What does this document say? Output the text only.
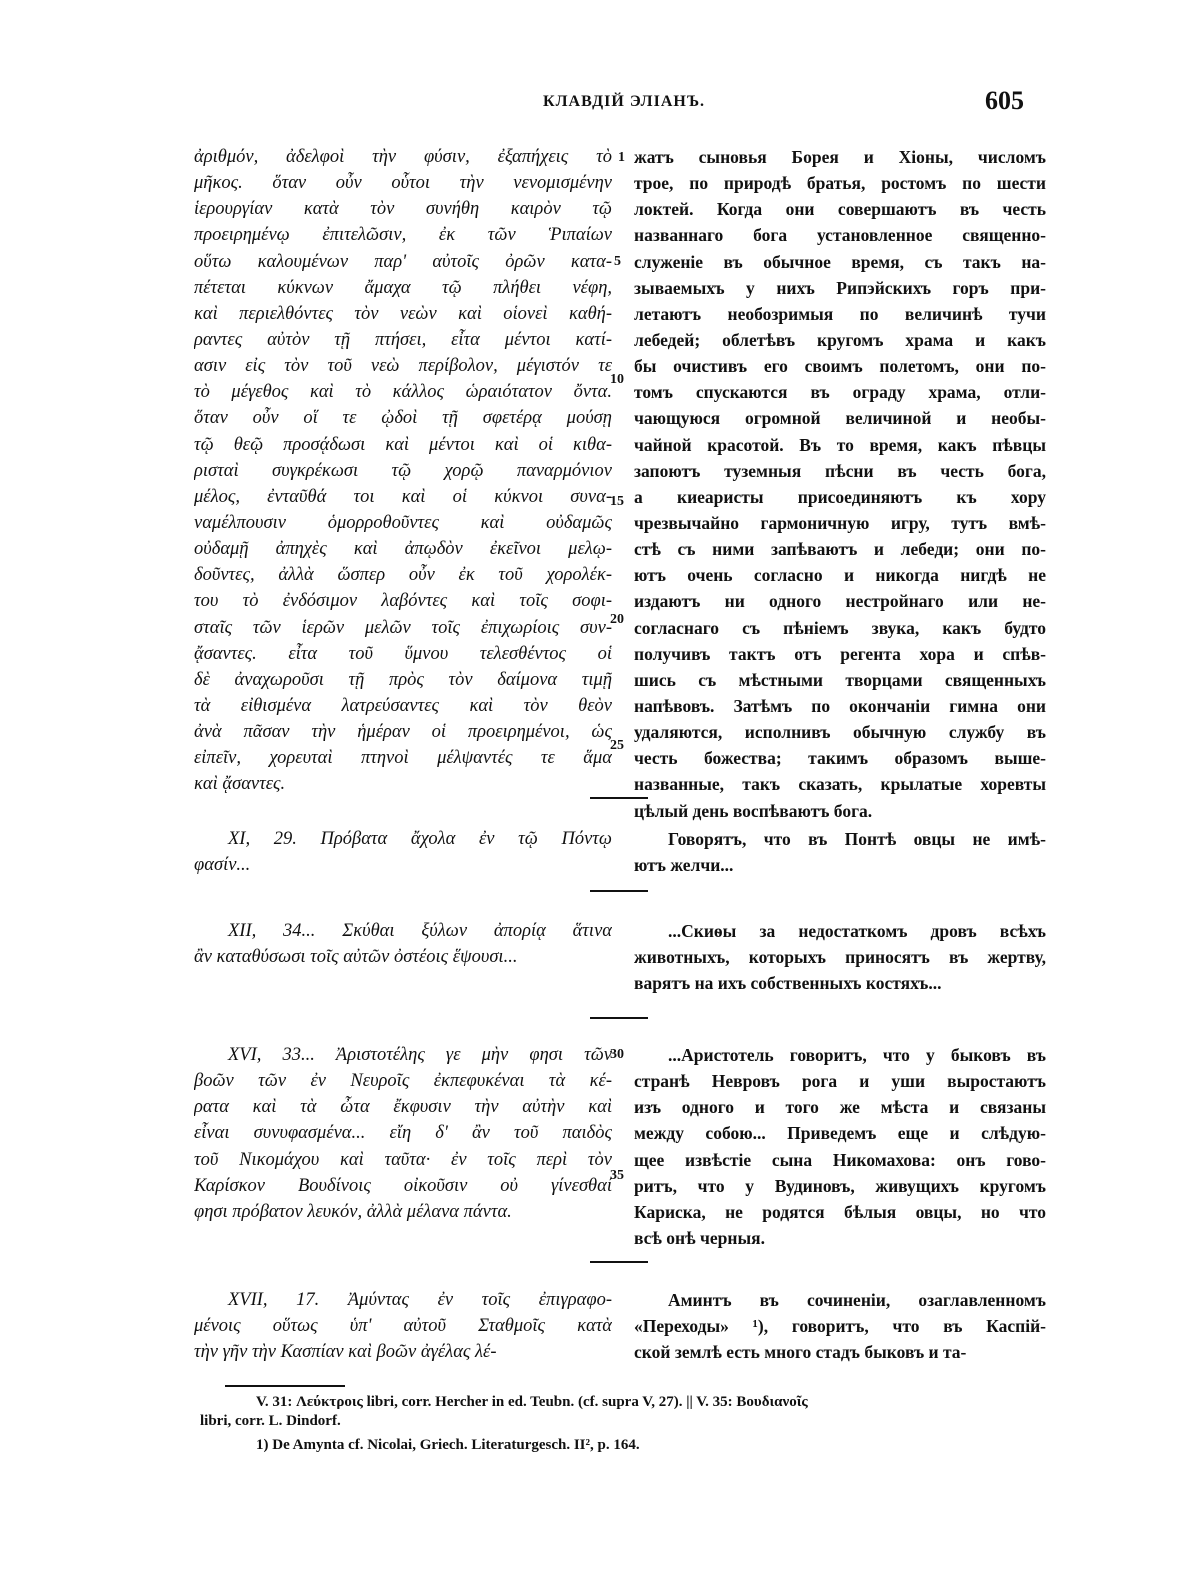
КЛАВДІЙ ЭЛІАНЪ.	605
ἀριθμόν, ἀδελφοὶ τὴν φύσιν, ἐξαπήχεις τὸ
μῆκος. ὅταν οὖν οὗτοι τὴν νενομισμένην
ἱερουργίαν κατὰ τὸν συνήθη καιρὸν τῷ
προειρημένῳ ἐπιτελῶσιν, ἐκ τῶν Ῥιπαίων
οὕτω καλουμένων παρ' αὐτοῖς ὀρῶν κατα-
πέτεται κύκνων ἄμαχα τῷ πλήθει νέφη,
καὶ περιελθόντες τὸν νεὼν καὶ οἱονεὶ καθή-
ραντες αὐτὸν τῇ πτήσει, εἶτα μέντοι κατί-
ασιν εἰς τὸν τοῦ νεὼ περίβολον, μέγιστόν τε
τὸ μέγεθος καὶ τὸ κάλλος ὡραιότατον ὄντα.
ὅταν οὖν οἵ τε ᾠδοὶ τῇ σφετέρᾳ μούσῃ
τῷ θεῷ προσᾴδωσι καὶ μέντοι καὶ οἱ κιθα-
ρισταὶ συγκρέκωσι τῷ χορῷ παναρμόνιον
μέλος, ἐνταῦθά τοι καὶ οἱ κύκνοι συνα-
ναμέλπουσιν ὁμορροθοῦντες καὶ οὐδαμῶς
οὐδαμῇ ἀπηχὲς καὶ ἀπῳδὸν ἐκεῖνοι μελῳ-
δοῦντες, ἀλλὰ ὥσπερ οὖν ἐκ τοῦ χορολέκ-
του τὸ ἐνδόσιμον λαβόντες καὶ τοῖς σοφι-
σταῖς τῶν ἱερῶν μελῶν τοῖς ἐπιχωρίοις συν-
ᾄσαντες. εἶτα τοῦ ὕμνου τελεσθέντος οἱ
δὲ ἀναχωροῦσι τῇ πρὸς τὸν δαίμονα τιμῇ
τὰ εἰθισμένα λατρεύσαντες καὶ τὸν θεὸν
ἀνὰ πᾶσαν τὴν ἡμέραν οἱ προειρημένοι, ὡς
εἰπεῖν, χορευταὶ πτηνοὶ μέλψαντές τε ἅμα
καὶ ᾄσαντες.
жатъ сыновья Борея и Хіоны, числомъ
трое, по природѣ братья, ростомъ по шести
локтей. Когда они совершаютъ въ честь
названнаго бога установленное священно-
служеніе въ обычное время, съ такъ на-
зываемыхъ у нихъ Рипэйскихъ горъ при-
летаютъ необозримыя по величинѣ тучи
лебедей; облетѣвъ кругомъ храма и какъ
бы очистивъ его своимъ полетомъ, они по-
томъ спускаются въ ограду храма, отли-
чающуюся огромной величиной и необы-
чайной красотой. Въ то время, какъ пѣвцы
запоютъ туземныя пѣсни въ честь бога,
а киеаристы присоединяютъ къ хору
чрезвычайно гармоничную игру, тутъ вмѣ-
стѣ съ ними запѣваютъ и лебеди; они по-
ютъ очень согласно и никогда нигдѣ не
издаютъ ни одного нестройнаго или не-
согласнаго съ пѣніемъ звука, какъ будто
получивъ тактъ отъ регента хора и спѣв-
шись съ мѣстными творцами священныхъ
напѣвовъ. Затѣмъ по окончаніи гимна они
удаляются, исполнивъ обычную службу въ
честь божества; такимъ образомъ выше-
названные, такъ сказать, крылатые хоревты
цѣлый день воспѣваютъ бога.
1
5
10
15
20
25
30
35
XI, 29. Πρόβατα ἄχολα ἐν τῷ Πόντῳ
φασίν...
Говорятъ, что въ Понтѣ овцы не имѣ-
ютъ желчи...
XII, 34... Σκύθαι ξύλων ἀπορίᾳ ἅτινα
ἂν καταθύσωσι τοῖς αὐτῶν ὀστέοις ἕψουσι...
...Скиѳы за недостаткомъ дровъ всѣхъ
животныхъ, которыхъ приносятъ въ жертву,
варятъ на ихъ собственныхъ костяхъ...
XVI, 33... Ἀριστοτέλης γε μὴν φησι τῶν
βοῶν τῶν ἐν Νευροῖς ἐκπεφυκέναι τὰ κέ-
ρατα καὶ τὰ ὦτα ἔκφυσιν τὴν αὐτὴν καὶ
εἶναι συνυφασμένα... εἴη δ' ἂν τοῦ παιδὸς
τοῦ Νικομάχου καὶ ταῦτα· ἐν τοῖς περὶ τὸν
Καρίσκον Βουδίνοις οἰκοῦσιν οὐ γίνεσθαί
φησι πρόβατον λευκόν, ἀλλὰ μέλανα πάντα.
...Аристотель говоритъ, что у быковъ въ
странѣ Невровъ рога и уши выростаютъ
изъ одного и того же мѣста и связаны
между собою... Приведемъ еще и слѣдую-
щее извѣстіе сына Никомахова: онъ гово-
ритъ, что у Вудиновъ, живущихъ кругомъ
Кариска, не родятся бѣлыя овцы, но что
всѣ онѣ черныя.
XVII, 17. Ἀμύντας ἐν τοῖς ἐπιγραφο-
μένοις οὕτως ὑπ' αὐτοῦ Σταθμοῖς κατὰ
τὴν γῆν τὴν Κασπίαν καὶ βοῶν ἀγέλας λέ-
Аминтъ въ сочиненіи, озаглавленномъ
«Переходы» ¹), говоритъ, что въ Каспій-
ской землѣ есть много стадъ быковъ и та-
V. 31: Λεύκτροις libri, corr. Hercher in ed. Teubn. (cf. supra V, 27). || V. 35: Βουδιανοῖς
libri, corr. L. Dindorf.
1) De Amynta cf. Nicolai, Griech. Literaturgesch. II², p. 164.
